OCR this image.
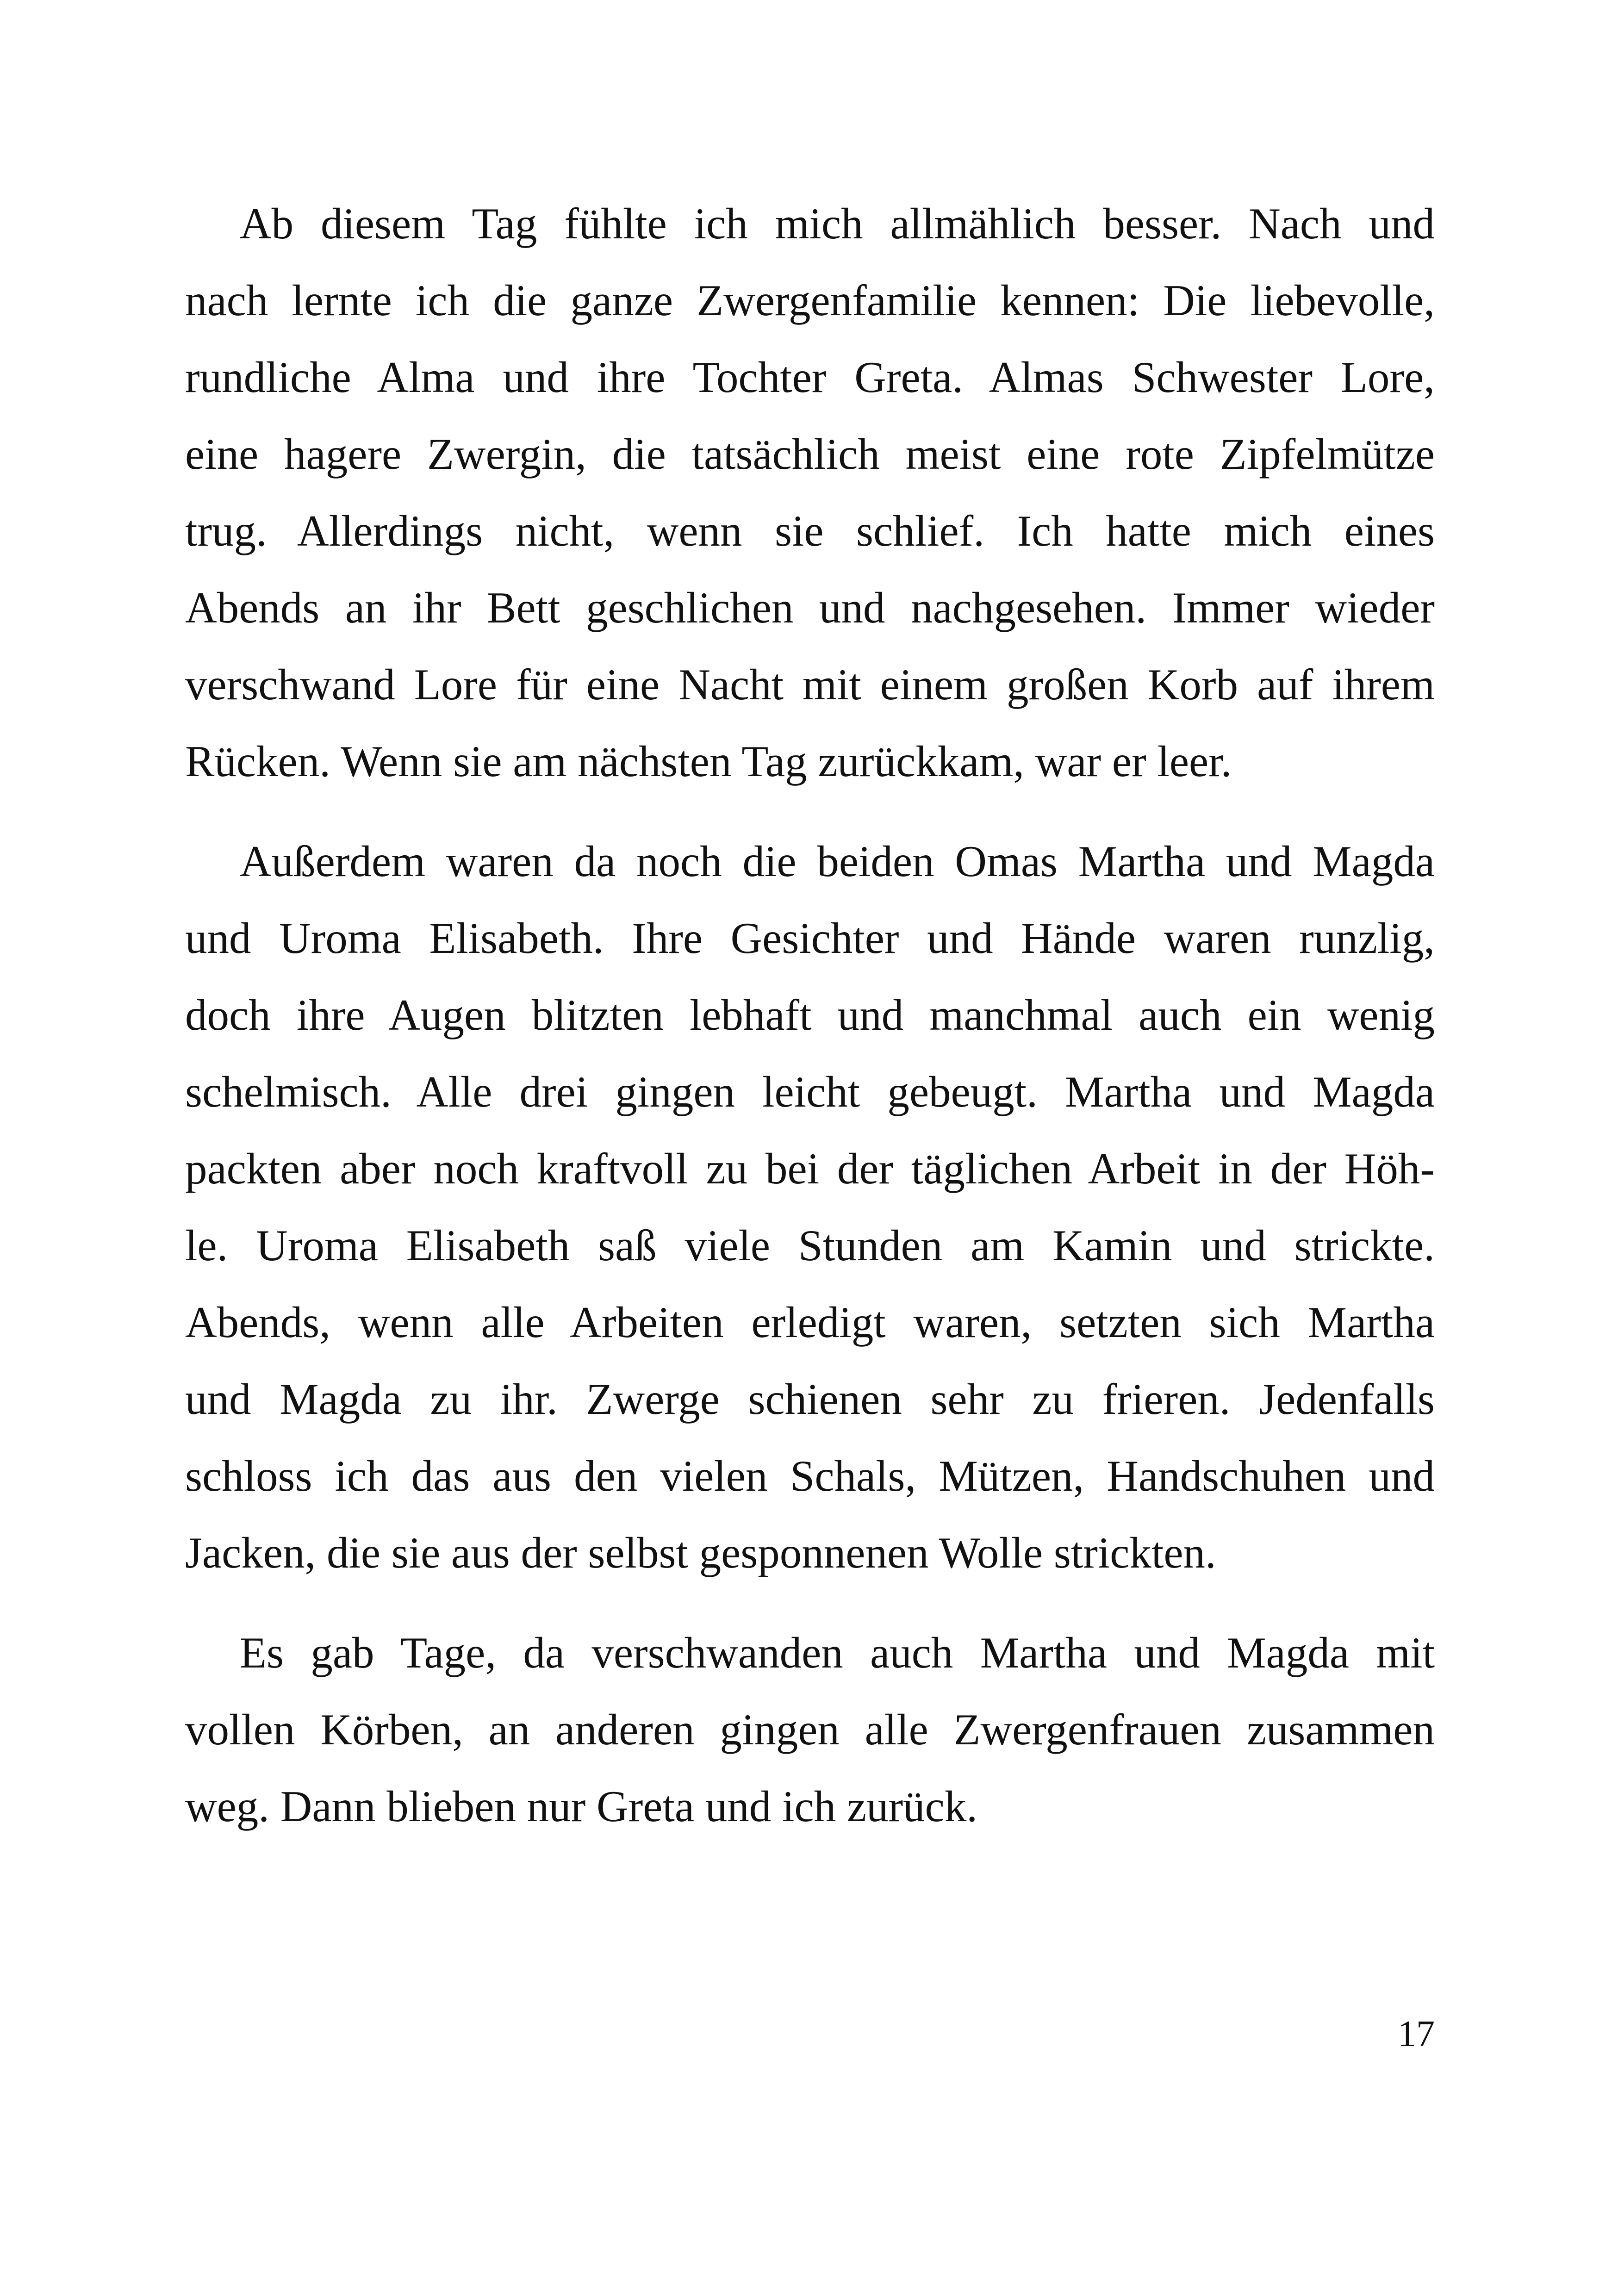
Ab diesem Tag fühlte ich mich allmählich besser. Nach und
nach lernte ich die ganze Zwergenfamilie kennen: Die liebevolle,
rundliche Alma und ihre Tochter Greta. Almas Schwester Lore,
eine hagere Zwergin, die tatsächlich meist eine rote Zipfelmütze
trug. Allerdings nicht, wenn sie schlief. Ich hatte mich eines
Abends an ihr Bett geschlichen und nachgesehen. Immer wieder
verschwand Lore für eine Nacht mit einem großen Korb auf ihrem
Rücken. Wenn sie am nächsten Tag zurückkam, war er leer.

Außerdem waren da noch die beiden Omas Martha und Magda
und Uroma Elisabeth. Ihre Gesichter und Hände waren runzlig,
doch ihre Augen blitzten lebhaft und manchmal auch ein wenig
schelmisch. Alle drei gingen leicht gebeugt. Martha und Magda
packten aber noch kraftvoll zu bei der täglichen Arbeit in der Höh-
le. Uroma Elisabeth saß viele Stunden am Kamin und strickte.
Abends, wenn alle Arbeiten erledigt waren, setzten sich Martha
und Magda zu ihr. Zwerge schienen sehr zu frieren. Jedenfalls
schloss ich das aus den vielen Schals, Mützen, Handschuhen und
Jacken, die sie aus der selbst gesponnenen Wolle strickten.

Es gab Tage, da verschwanden auch Martha und Magda mit
vollen Körben, an anderen gingen alle Zwergenfrauen zusammen
weg. Dann blieben nur Greta und ich zurück.

17
